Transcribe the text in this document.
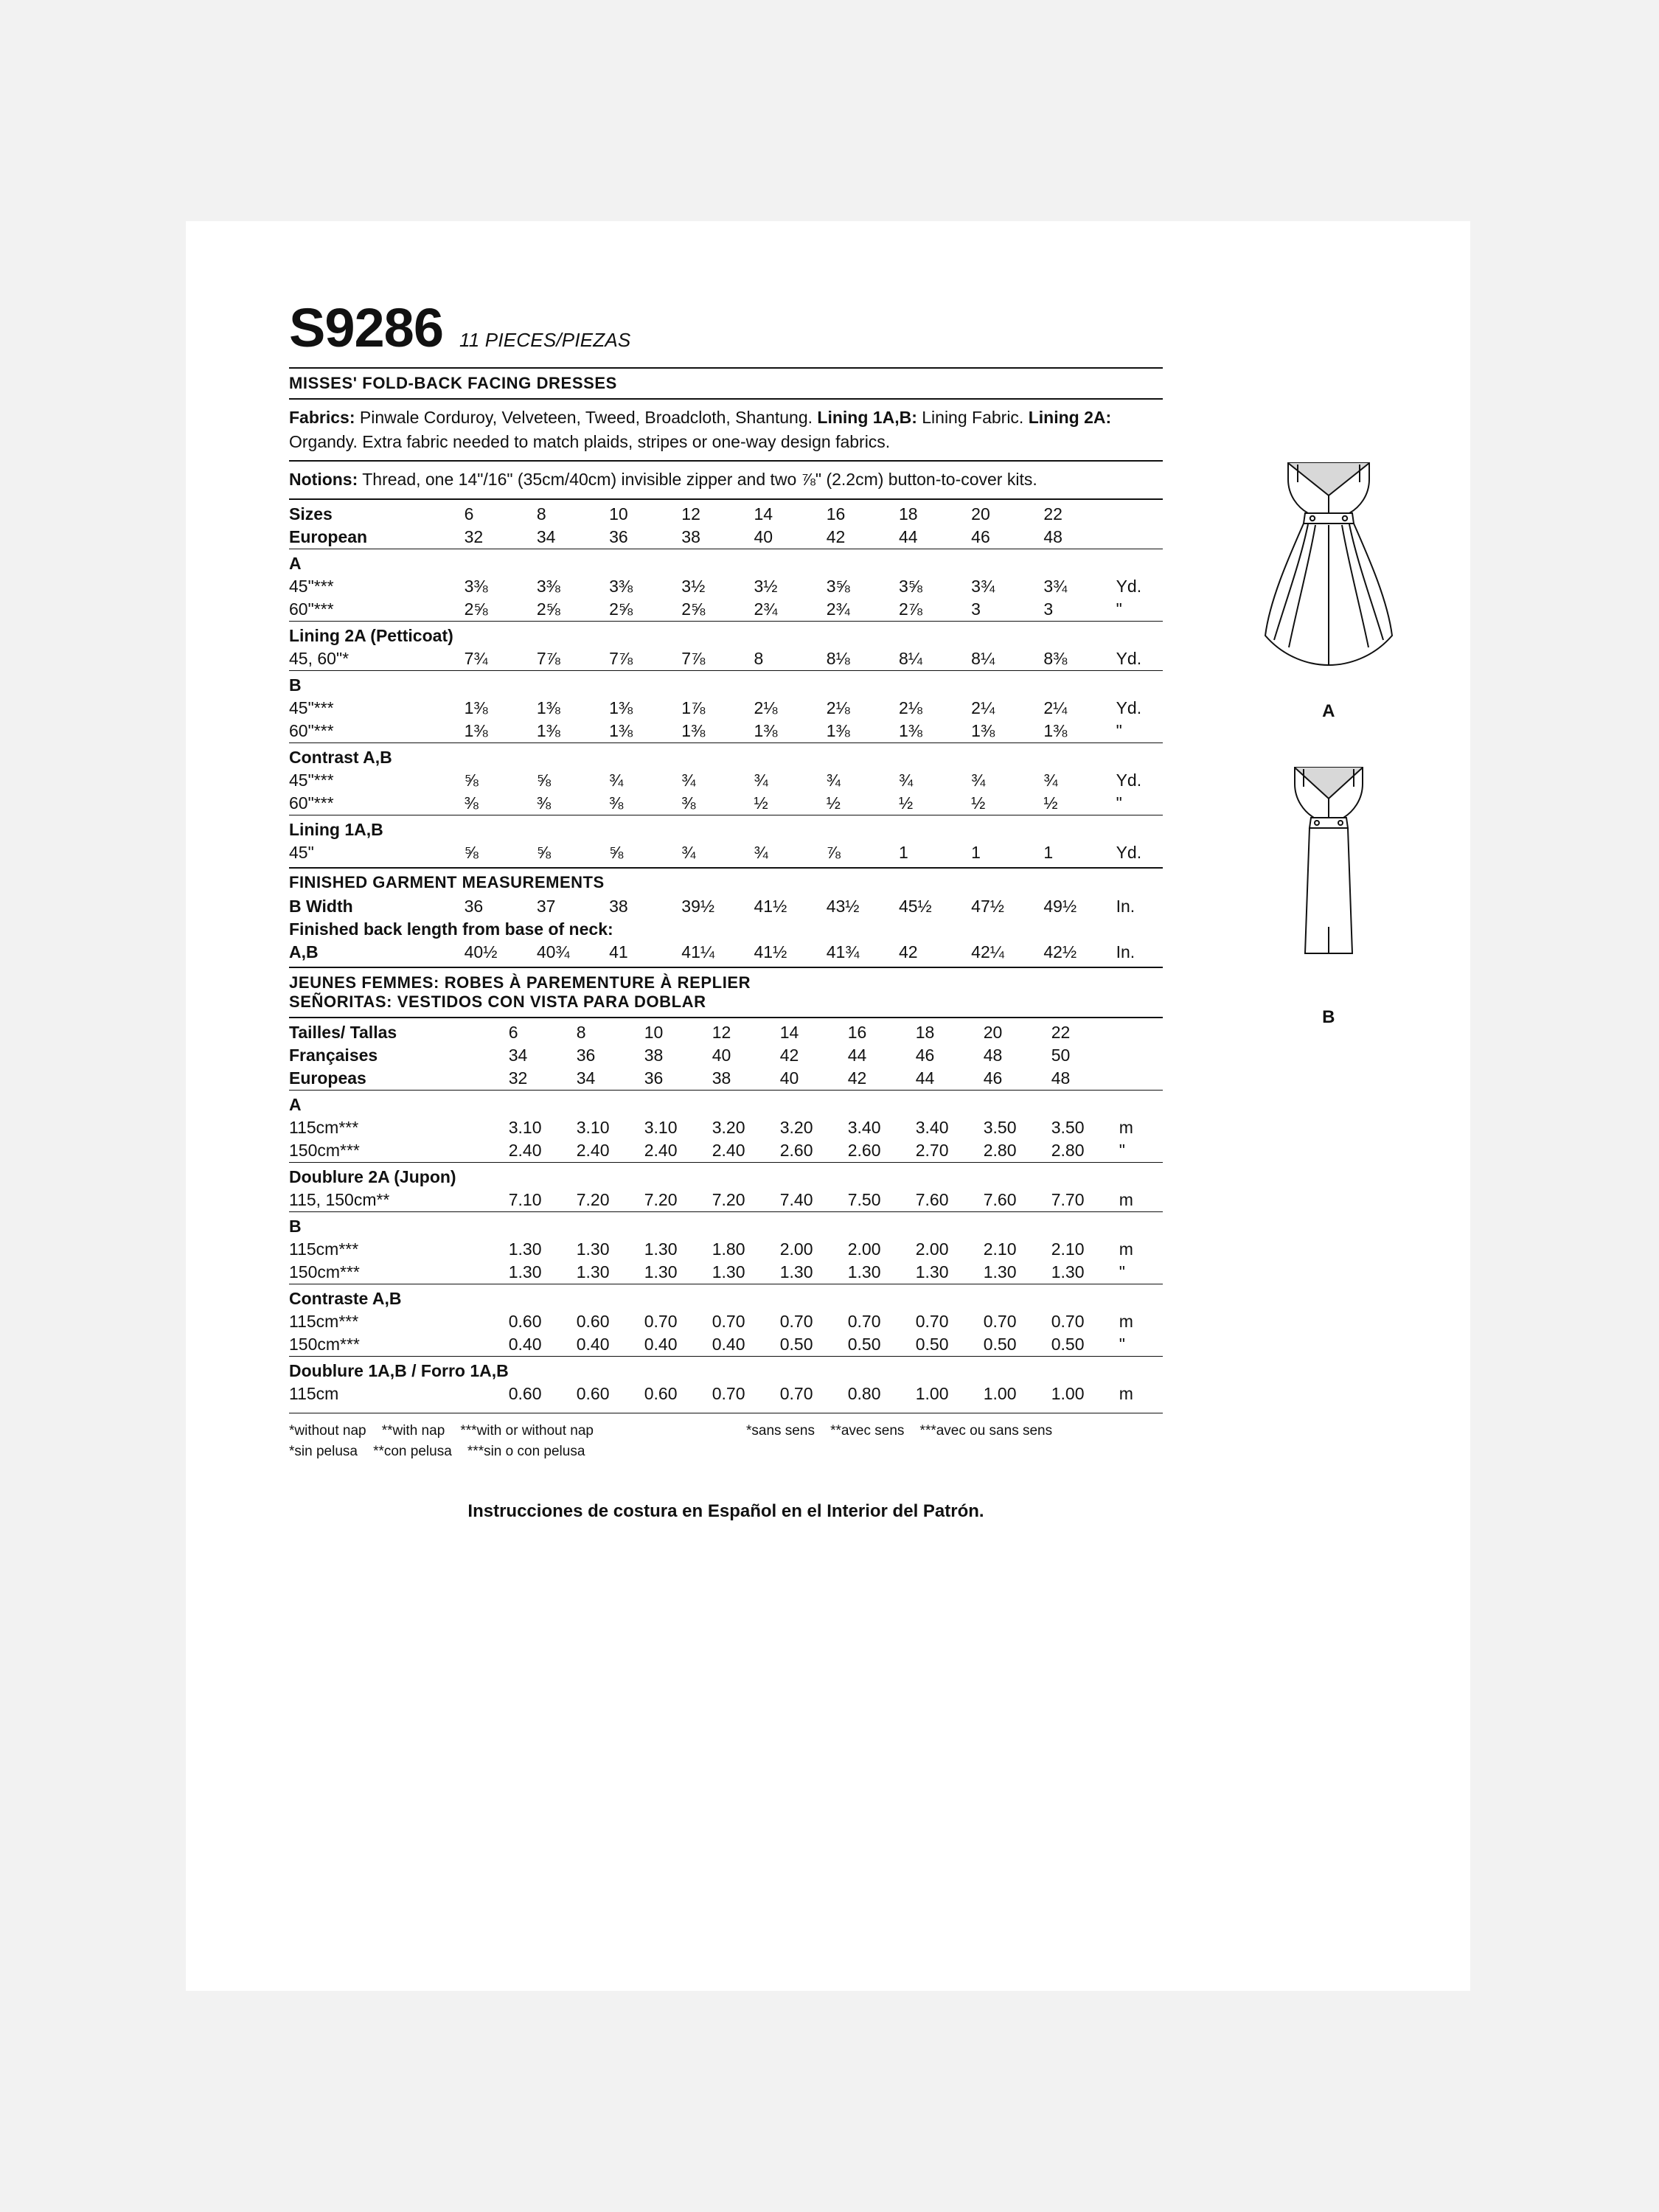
S9286 11 PIECES/PIEZAS
MISSES' FOLD-BACK FACING DRESSES
Fabrics: Pinwale Corduroy, Velveteen, Tweed, Broadcloth, Shantung. Lining 1A,B: Lining Fabric. Lining 2A: Organdy. Extra fabric needed to match plaids, stripes or one-way design fabrics.
Notions: Thread, one 14"/16" (35cm/40cm) invisible zipper and two ⅞" (2.2cm) button-to-cover kits.
Sizes	6	8	10	12	14	16	18	20	22	
European	32	34	36	38	40	42	44	46	48	
A										
45"***	3⅜	3⅜	3⅜	3½	3½	3⅝	3⅝	3¾	3¾	Yd.
60"***	2⅝	2⅝	2⅝	2⅝	2¾	2¾	2⅞	3	3	"
Lining 2A (Petticoat)										
45, 60"*	7¾	7⅞	7⅞	7⅞	8	8⅛	8¼	8¼	8⅜	Yd.
B										
45"***	1⅜	1⅜	1⅜	1⅞	2⅛	2⅛	2⅛	2¼	2¼	Yd.
60"***	1⅜	1⅜	1⅜	1⅜	1⅜	1⅜	1⅜	1⅜	1⅜	"
Contrast A,B										
45"***	⅝	⅝	¾	¾	¾	¾	¾	¾	¾	Yd.
60"***	⅜	⅜	⅜	⅜	½	½	½	½	½	"
Lining 1A,B										
45"	⅝	⅝	⅝	¾	¾	⅞	1	1	1	Yd.
FINISHED GARMENT MEASUREMENTS
B Width	36	37	38	39½	41½	43½	45½	47½	49½	In.
Finished back length from base of neck:										
A,B	40½	40¾	41	41¼	41½	41¾	42	42¼	42½	In.
JEUNES FEMMES: ROBES À PAREMENTURE À REPLIER
SEÑORITAS: VESTIDOS CON VISTA PARA DOBLAR
Tailles/ Tallas	6	8	10	12	14	16	18	20	22	
Françaises	34	36	38	40	42	44	46	48	50	
Europeas	32	34	36	38	40	42	44	46	48	
A										
115cm***	3.10	3.10	3.10	3.20	3.20	3.40	3.40	3.50	3.50	m
150cm***	2.40	2.40	2.40	2.40	2.60	2.60	2.70	2.80	2.80	"
Doublure 2A (Jupon)										
115, 150cm**	7.10	7.20	7.20	7.20	7.40	7.50	7.60	7.60	7.70	m
B										
115cm***	1.30	1.30	1.30	1.80	2.00	2.00	2.00	2.10	2.10	m
150cm***	1.30	1.30	1.30	1.30	1.30	1.30	1.30	1.30	1.30	"
Contraste A,B										
115cm***	0.60	0.60	0.70	0.70	0.70	0.70	0.70	0.70	0.70	m
150cm***	0.40	0.40	0.40	0.40	0.50	0.50	0.50	0.50	0.50	"
Doublure 1A,B / Forro 1A,B										
115cm	0.60	0.60	0.60	0.70	0.70	0.80	1.00	1.00	1.00	m
*without nap **with nap ***with or without nap
*sin pelusa **con pelusa ***sin o con pelusa
*sans sens **avec sens ***avec ou sans sens
Instrucciones de costura en Español en el Interior del Patrón.
A
B
